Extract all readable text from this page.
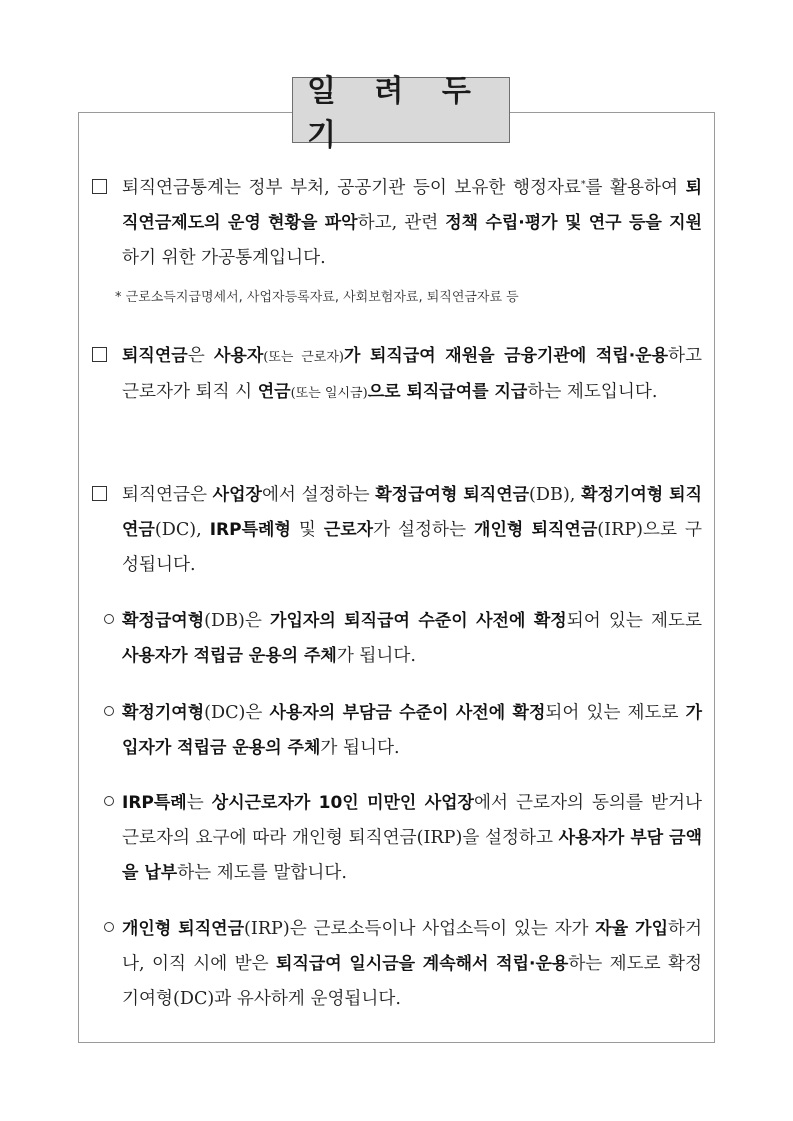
일 려 두 기

퇴직연금통계는 정부 부처, 공공기관 등이 보유한 행정자료*를 활용하여 퇴직연금제도의 운영 현황을 파악하고, 관련 정책 수립·평가 및 연구 등을 지원하기 위한 가공통계입니다.

* 근로소득지급명세서, 사업자등록자료, 사회보험자료, 퇴직연금자료 등

퇴직연금은 사용자(또는 근로자)가 퇴직급여 재원을 금융기관에 적립·운용하고 근로자가 퇴직 시 연금(또는 일시금)으로 퇴직급여를 지급하는 제도입니다.

퇴직연금은 사업장에서 설정하는 확정급여형 퇴직연금(DB), 확정기여형 퇴직연금(DC), IRP특례형 및 근로자가 설정하는 개인형 퇴직연금(IRP)으로 구성됩니다.

확정급여형(DB)은 가입자의 퇴직급여 수준이 사전에 확정되어 있는 제도로 사용자가 적립금 운용의 주체가 됩니다.

확정기여형(DC)은 사용자의 부담금 수준이 사전에 확정되어 있는 제도로 가입자가 적립금 운용의 주체가 됩니다.

IRP특례는 상시근로자가 10인 미만인 사업장에서 근로자의 동의를 받거나 근로자의 요구에 따라 개인형 퇴직연금(IRP)을 설정하고 사용자가 부담 금액을 납부하는 제도를 말합니다.

개인형 퇴직연금(IRP)은 근로소득이나 사업소득이 있는 자가 자율 가입하거나, 이직 시에 받은 퇴직급여 일시금을 계속해서 적립·운용하는 제도로 확정기여형(DC)과 유사하게 운영됩니다.
